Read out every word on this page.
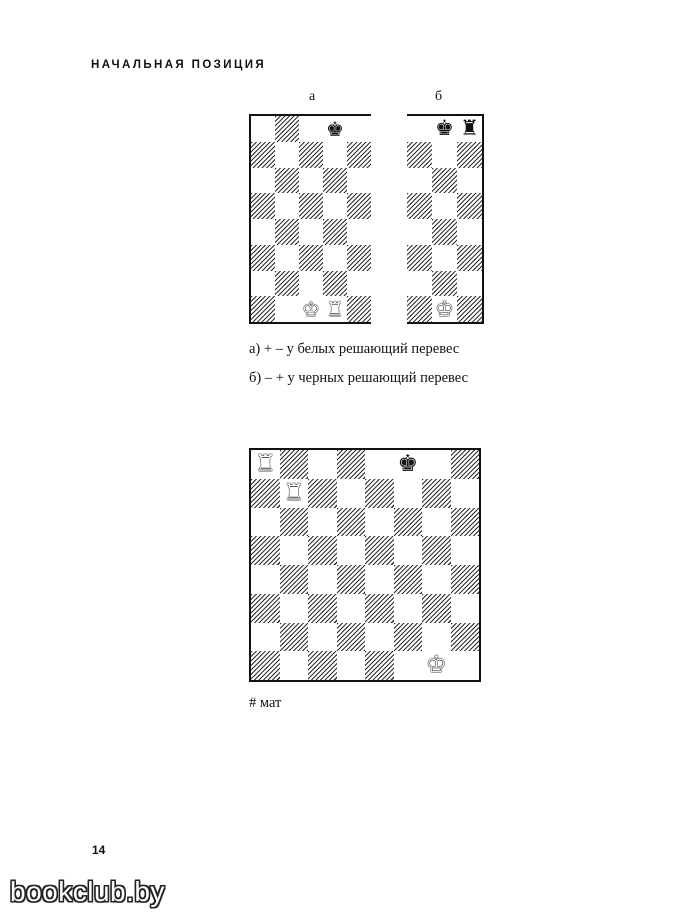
НАЧАЛЬНАЯ ПОЗИЦИЯ
а	б
♚
♚ ♜
♚ ♜
♚
а) + – у белых решающий перевес
б) – + у черных решающий перевес
♜
♜
♚
♚
# мат
14
bookclub.by
